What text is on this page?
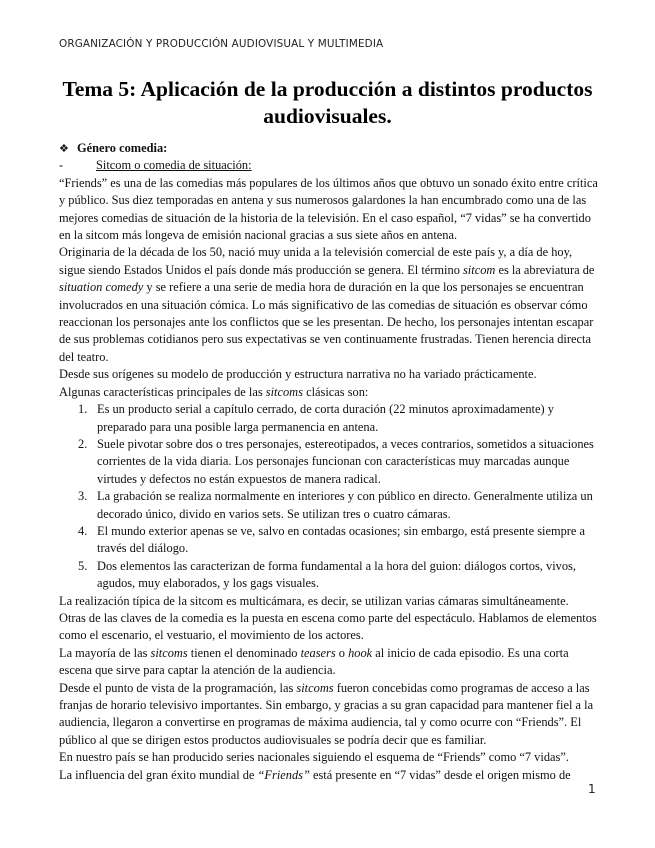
ORGANIZACIÓN Y PRODUCCIÓN AUDIOVISUAL Y MULTIMEDIA
Tema 5: Aplicación de la producción a distintos productos audiovisuales.

❖ Género comedia:

-	Sitcom o comedia de situación:

“Friends” es una de las comedias más populares de los últimos años que obtuvo un sonado éxito entre crítica y público. Sus diez temporadas en antena y sus numerosos galardones la han encumbrado como una de las mejores comedias de situación de la historia de la televisión. En el caso español, “7 vidas” se ha convertido en la sitcom más longeva de emisión nacional gracias a sus siete años en antena.

Originaria de la década de los 50, nació muy unida a la televisión comercial de este país y, a día de hoy, sigue siendo Estados Unidos el país donde más producción se genera. El término sitcom es la abreviatura de situation comedy y se refiere a una serie de media hora de duración en la que los personajes se encuentran involucrados en una situación cómica. Lo más significativo de las comedias de situación es observar cómo reaccionan los personajes ante los conflictos que se les presentan. De hecho, los personajes intentan escapar de sus problemas cotidianos pero sus expectativas se ven continuamente frustradas. Tienen herencia directa del teatro.

Desde sus orígenes su modelo de producción y estructura narrativa no ha variado prácticamente.

Algunas características principales de las sitcoms clásicas son:

1. Es un producto serial a capítulo cerrado, de corta duración (22 minutos aproximadamente) y preparado para una posible larga permanencia en antena.
2. Suele pivotar sobre dos o tres personajes, estereotipados, a veces contrarios, sometidos a situaciones corrientes de la vida diaria. Los personajes funcionan con características muy marcadas aunque virtudes y defectos no están expuestos de manera radical.
3. La grabación se realiza normalmente en interiores y con público en directo. Generalmente utiliza un decorado único, divido en varios sets. Se utilizan tres o cuatro cámaras.
4. El mundo exterior apenas se ve, salvo en contadas ocasiones; sin embargo, está presente siempre a través del diálogo.
5. Dos elementos las caracterizan de forma fundamental a la hora del guion: diálogos cortos, vivos, agudos, muy elaborados, y los gags visuales.

La realización típica de la sitcom es multicámara, es decir, se utilizan varias cámaras simultáneamente.

Otras de las claves de la comedia es la puesta en escena como parte del espectáculo. Hablamos de elementos como el escenario, el vestuario, el movimiento de los actores.

La mayoría de las sitcoms tienen el denominado teasers o hook al inicio de cada episodio. Es una corta escena que sirve para captar la atención de la audiencia.

Desde el punto de vista de la programación, las sitcoms fueron concebidas como programas de acceso a las franjas de horario televisivo importantes. Sin embargo, y gracias a su gran capacidad para mantener fiel a la audiencia, llegaron a convertirse en programas de máxima audiencia, tal y como ocurre con “Friends”. El público al que se dirigen estos productos audiovisuales se podría decir que es familiar.

En nuestro país se han producido series nacionales siguiendo el esquema de “Friends” como “7 vidas”.

La influencia del gran éxito mundial de “Friends” está presente en “7 vidas” desde el origen mismo de

1
